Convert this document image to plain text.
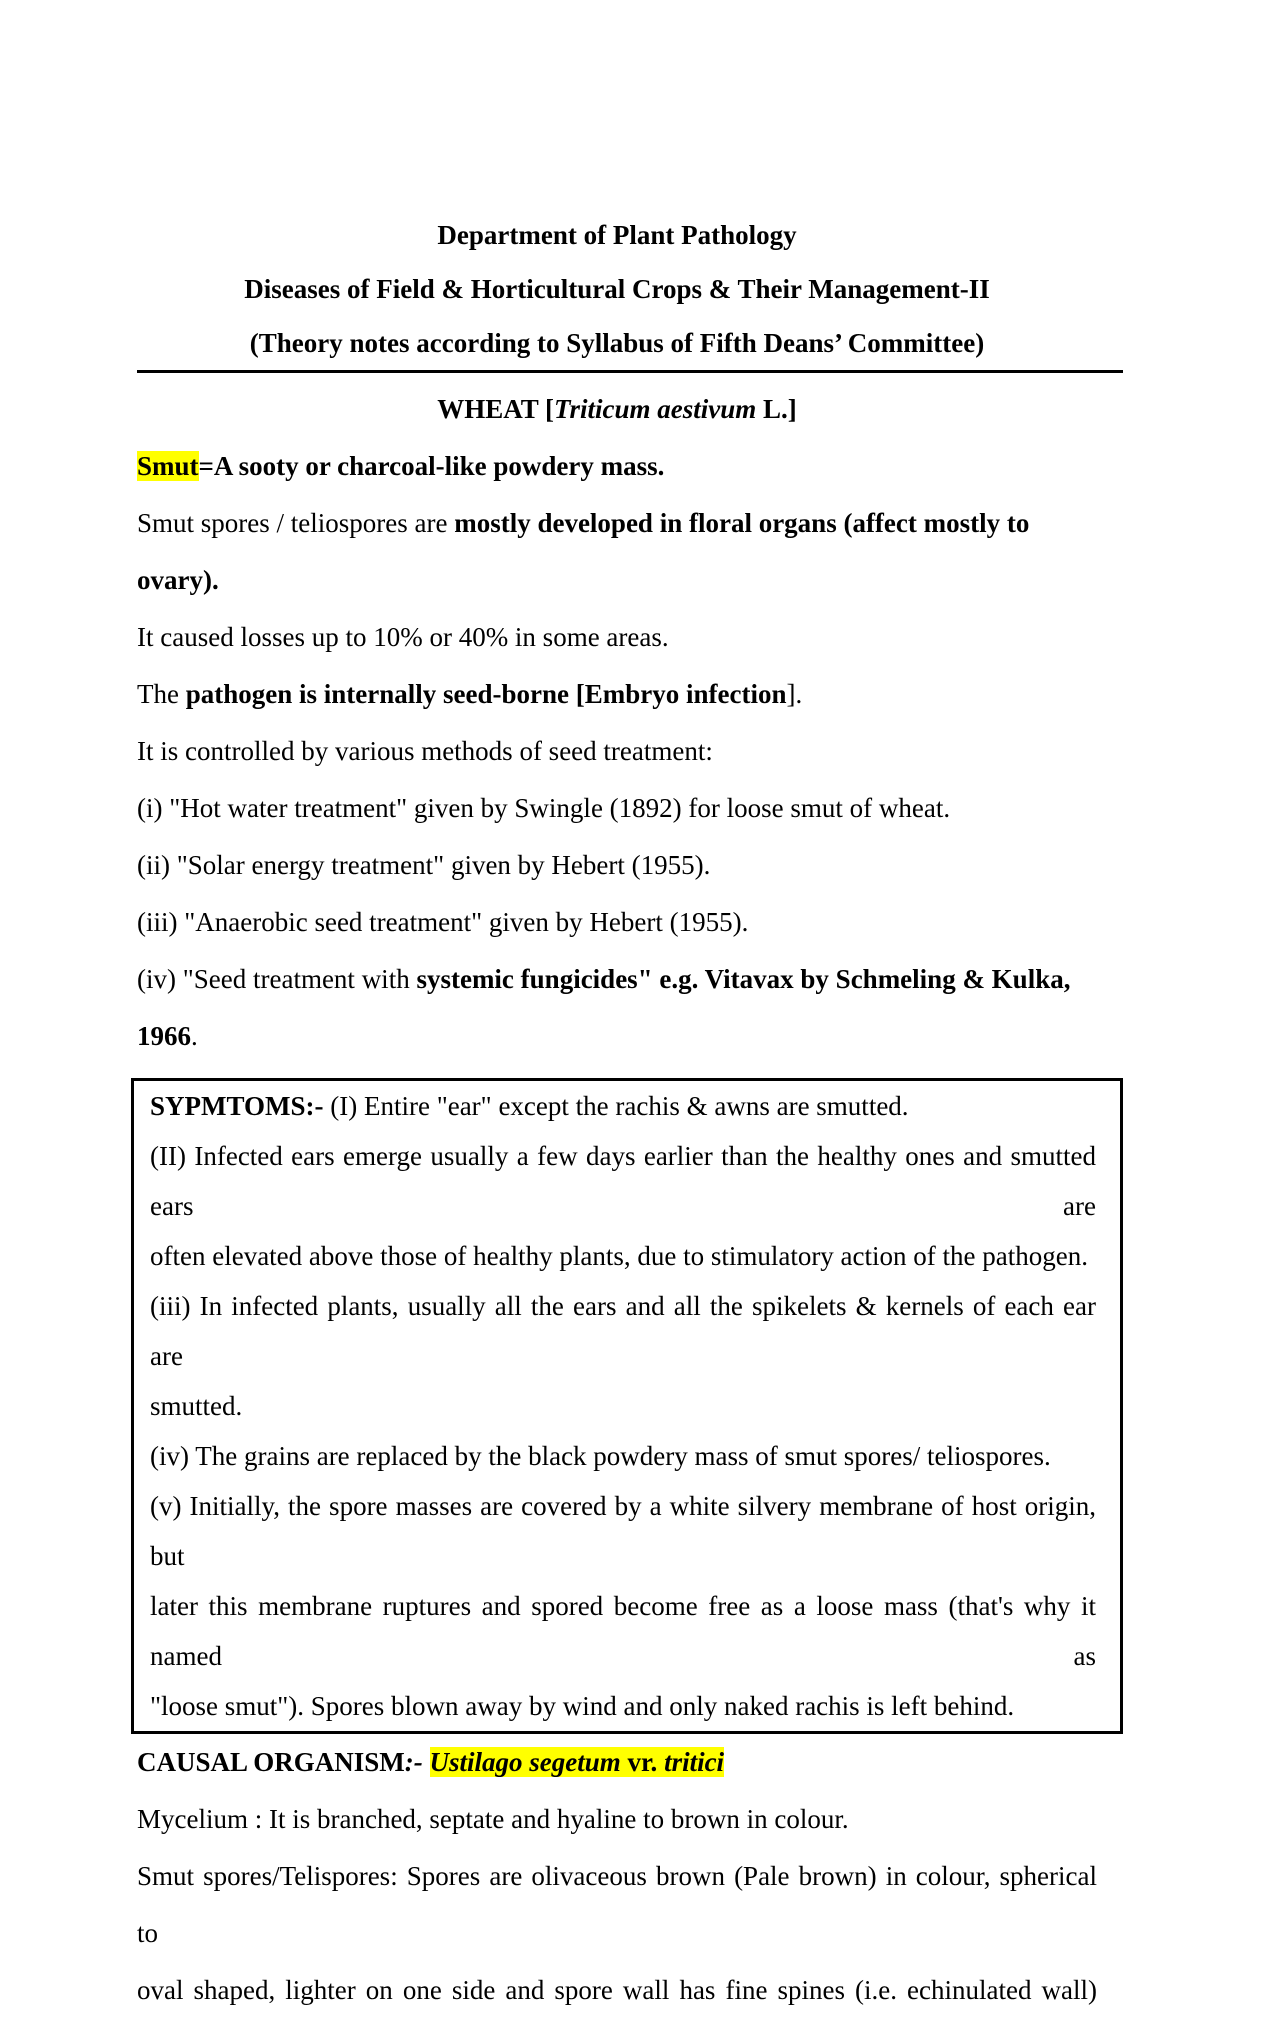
Department of Plant Pathology
Diseases of Field & Horticultural Crops & Their Management-II
(Theory notes according to Syllabus of Fifth Deans’ Committee)
WHEAT [Triticum aestivum L.]
Smut=A sooty or charcoal-like powdery mass.
Smut spores / teliospores are mostly developed in floral organs (affect mostly to ovary).
It caused losses up to 10% or 40% in some areas.
The pathogen is internally seed-borne [Embryo infection].
It is controlled by various methods of seed treatment:
(i) "Hot water treatment" given by Swingle (1892) for loose smut of wheat.
(ii) "Solar energy treatment" given by Hebert (1955).
(iii) "Anaerobic seed treatment" given by Hebert (1955).
(iv) "Seed treatment with systemic fungicides" e.g. Vitavax by Schmeling & Kulka, 1966.
SYPMTOMS:- (I) Entire "ear" except the rachis & awns are smutted.
(II) Infected ears emerge usually a few days earlier than the healthy ones and smutted ears are
often elevated above those of healthy plants, due to stimulatory action of the pathogen.
(iii) In infected plants, usually all the ears and all the spikelets & kernels of each ear are
smutted.
(iv) The grains are replaced by the black powdery mass of smut spores/ teliospores.
(v) Initially, the spore masses are covered by a white silvery membrane of host origin, but
later this membrane ruptures and spored become free as a loose mass (that's why it named as
"loose smut"). Spores blown away by wind and only naked rachis is left behind.
CAUSAL ORGANISM:- Ustilago segetum vr. tritici
Mycelium : It is branched, septate and hyaline to brown in colour.
Smut spores/Telispores: Spores are olivaceous brown (Pale brown) in colour, spherical to
oval shaped, lighter on one side and spore wall has fine spines (i.e. echinulated wall)
